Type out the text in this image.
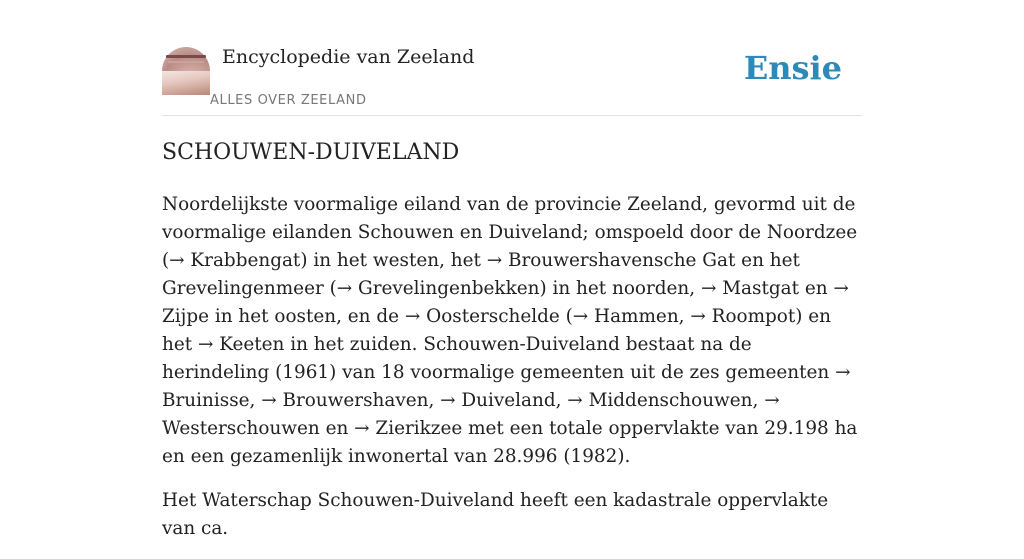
Encyclopedie van Zeeland
ALLES OVER ZEELAND
Ensie
SCHOUWEN-DUIVELAND

Noordelijkste voormalige eiland van de provincie Zeeland, gevormd uit de voormalige eilanden Schouwen en Duiveland; omspoeld door de Noordzee (→ Krabbengat) in het westen, het → Brouwershavensche Gat en het Grevelingenmeer (→ Grevelingenbekken) in het noorden, → Mastgat en → Zijpe in het oosten, en de → Oosterschelde (→ Hammen, → Roompot) en het → Keeten in het zuiden. Schouwen-Duiveland bestaat na de herindeling (1961) van 18 voormalige gemeenten uit de zes gemeenten → Bruinisse, → Brouwershaven, → Duiveland, → Middenschouwen, → Westerschouwen en → Zierikzee met een totale oppervlakte van 29.198 ha en een gezamenlijk inwonertal van 28.996 (1982).

Het Waterschap Schouwen-Duiveland heeft een kadastrale oppervlakte van ca.
